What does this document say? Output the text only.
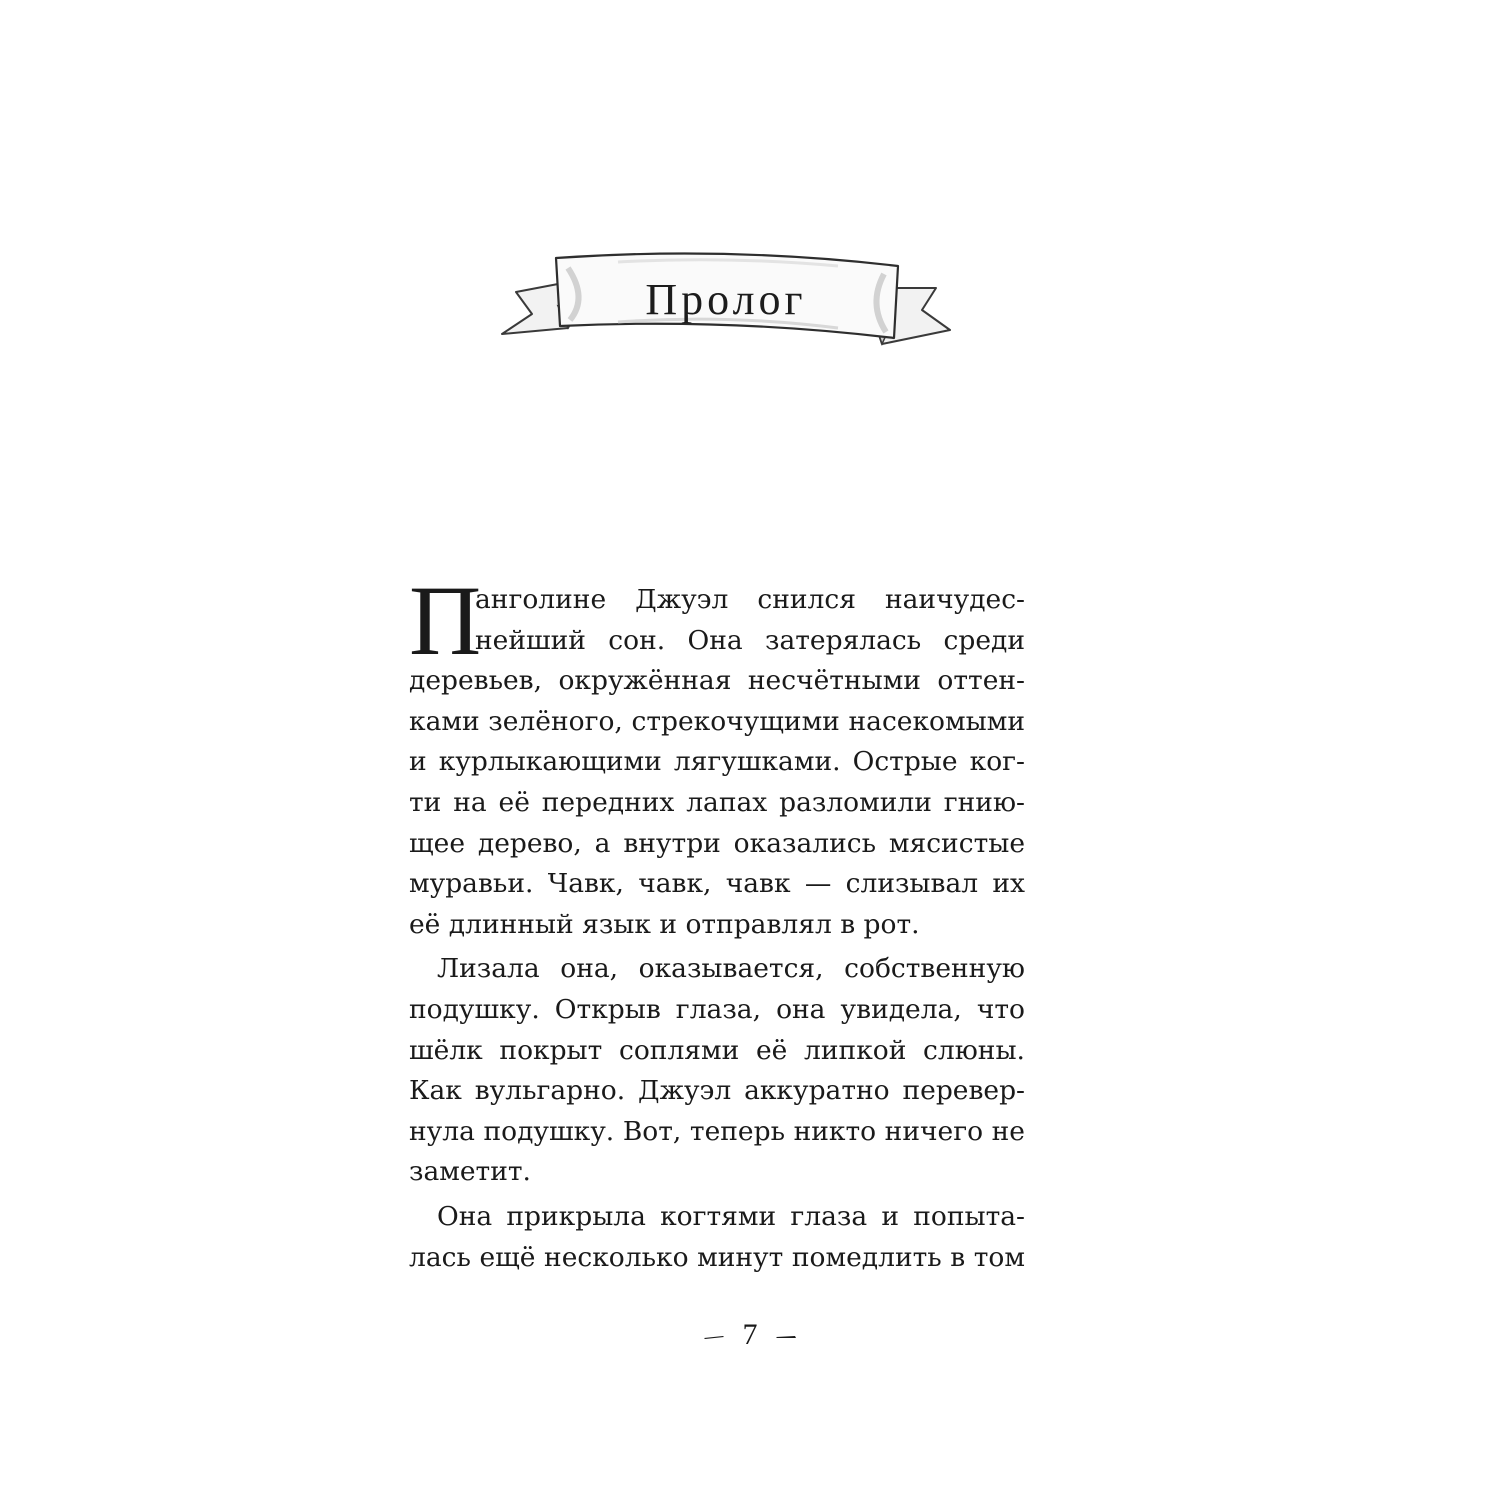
Пролог
П
анголине Джуэл снился наичудес-
нейший сон. Она затерялась среди
деревьев, окружённая несчётными оттен-
ками зелёного, стрекочущими насекомыми
и курлыкающими лягушками. Острые ког-
ти на её передних лапах разломили гнию-
щее дерево, а внутри оказались мясистые
муравьи. Чавк, чавк, чавк — слизывал их
её длинный язык и отправлял в рот.
Лизала она, оказывается, собственную
подушку. Открыв глаза, она увидела, что
шёлк покрыт соплями её липкой слюны.
Как вульгарно. Джуэл аккуратно перевер-
нула подушку. Вот, теперь никто ничего не
заметит.
Она прикрыла когтями глаза и попыта-
лась ещё несколько минут помедлить в том
7
